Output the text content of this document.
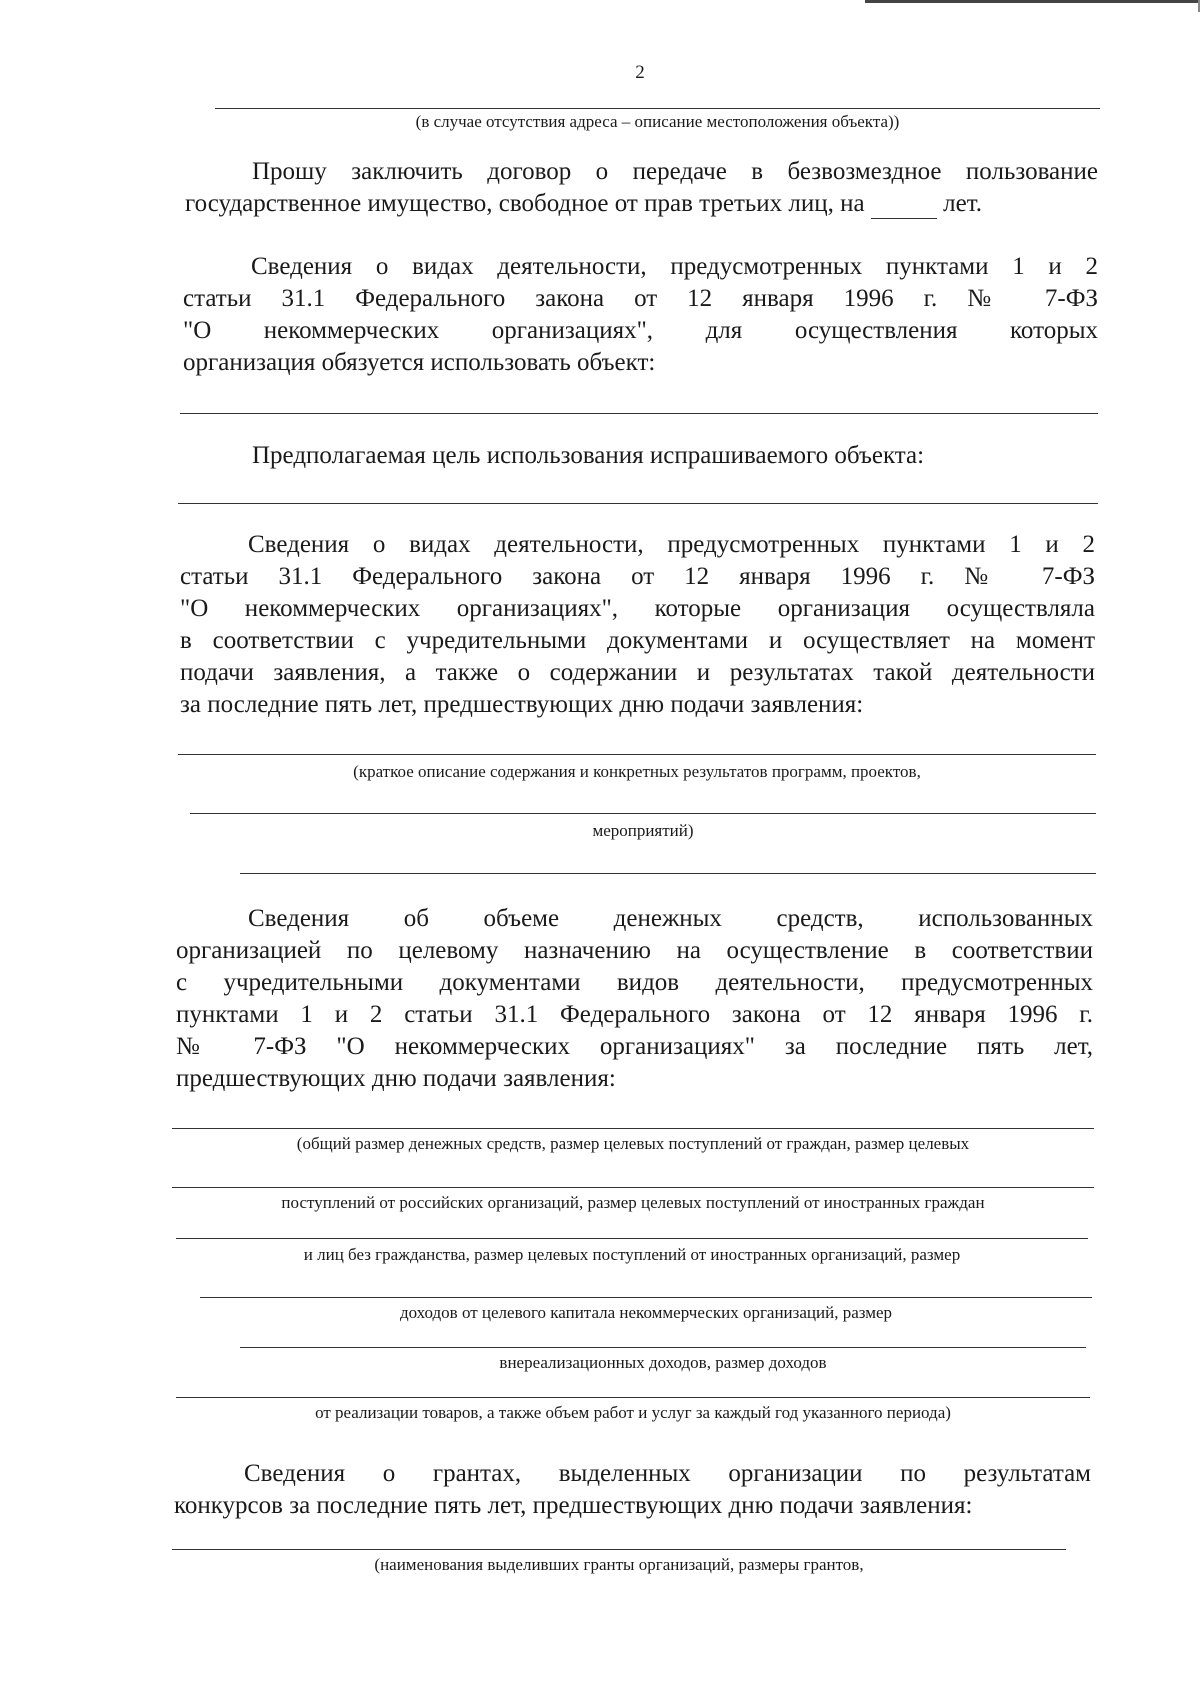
2
(в случае отсутствия адреса – описание местоположения объекта))
Прошу заключить договор о передаче в безвозмездное пользование
государственное имущество, свободное от прав третьих лиц, на	лет.
Сведения о видах деятельности, предусмотренных пунктами 1 и 2
статьи 31.1 Федерального закона от 12 января 1996 г. № 7-ФЗ
"О некоммерческих организациях", для осуществления которых
организация обязуется использовать объект:
Предполагаемая цель использования испрашиваемого объекта:
Сведения о видах деятельности, предусмотренных пунктами 1 и 2
статьи 31.1 Федерального закона от 12 января 1996 г. № 7-ФЗ
"О некоммерческих организациях", которые организация осуществляла
в соответствии с учредительными документами и осуществляет на момент
подачи заявления, а также о содержании и результатах такой деятельности
за последние пять лет, предшествующих дню подачи заявления:
(краткое описание содержания и конкретных результатов программ, проектов,
мероприятий)
Сведения об объеме денежных средств, использованных
организацией по целевому назначению на осуществление в соответствии
с учредительными документами видов деятельности, предусмотренных
пунктами 1 и 2 статьи 31.1 Федерального закона от 12 января 1996 г.
№ 7-ФЗ "О некоммерческих организациях" за последние пять лет,
предшествующих дню подачи заявления:
(общий размер денежных средств, размер целевых поступлений от граждан, размер целевых
поступлений от российских организаций, размер целевых поступлений от иностранных граждан
и лиц без гражданства, размер целевых поступлений от иностранных организаций, размер
доходов от целевого капитала некоммерческих организаций, размер
внереализационных доходов, размер доходов
от реализации товаров, а также объем работ и услуг за каждый год указанного периода)
Сведения о грантах, выделенных организации по результатам
конкурсов за последние пять лет, предшествующих дню подачи заявления:
(наименования выделивших гранты организаций, размеры грантов,
